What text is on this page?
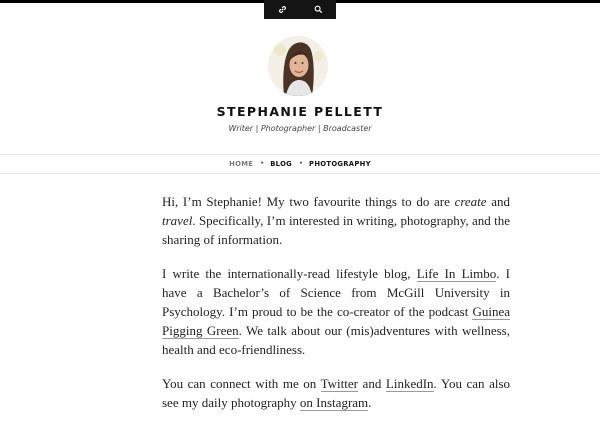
STEPHANIE PELLETT
Writer | Photographer | Broadcaster
HOME • BLOG • PHOTOGRAPHY

Hi, I’m Stephanie! My two favourite things to do are create and travel. Specifically, I’m interested in writing, photography, and the sharing of information.

I write the internationally-read lifestyle blog, Life In Limbo. I have a Bachelor’s of Science from McGill University in Psychology. I’m proud to be the co-creator of the podcast Guinea Pigging Green. We talk about our (mis)adventures with wellness, health and eco-friendliness.

You can connect with me on Twitter and LinkedIn. You can also see my daily photography on Instagram.
